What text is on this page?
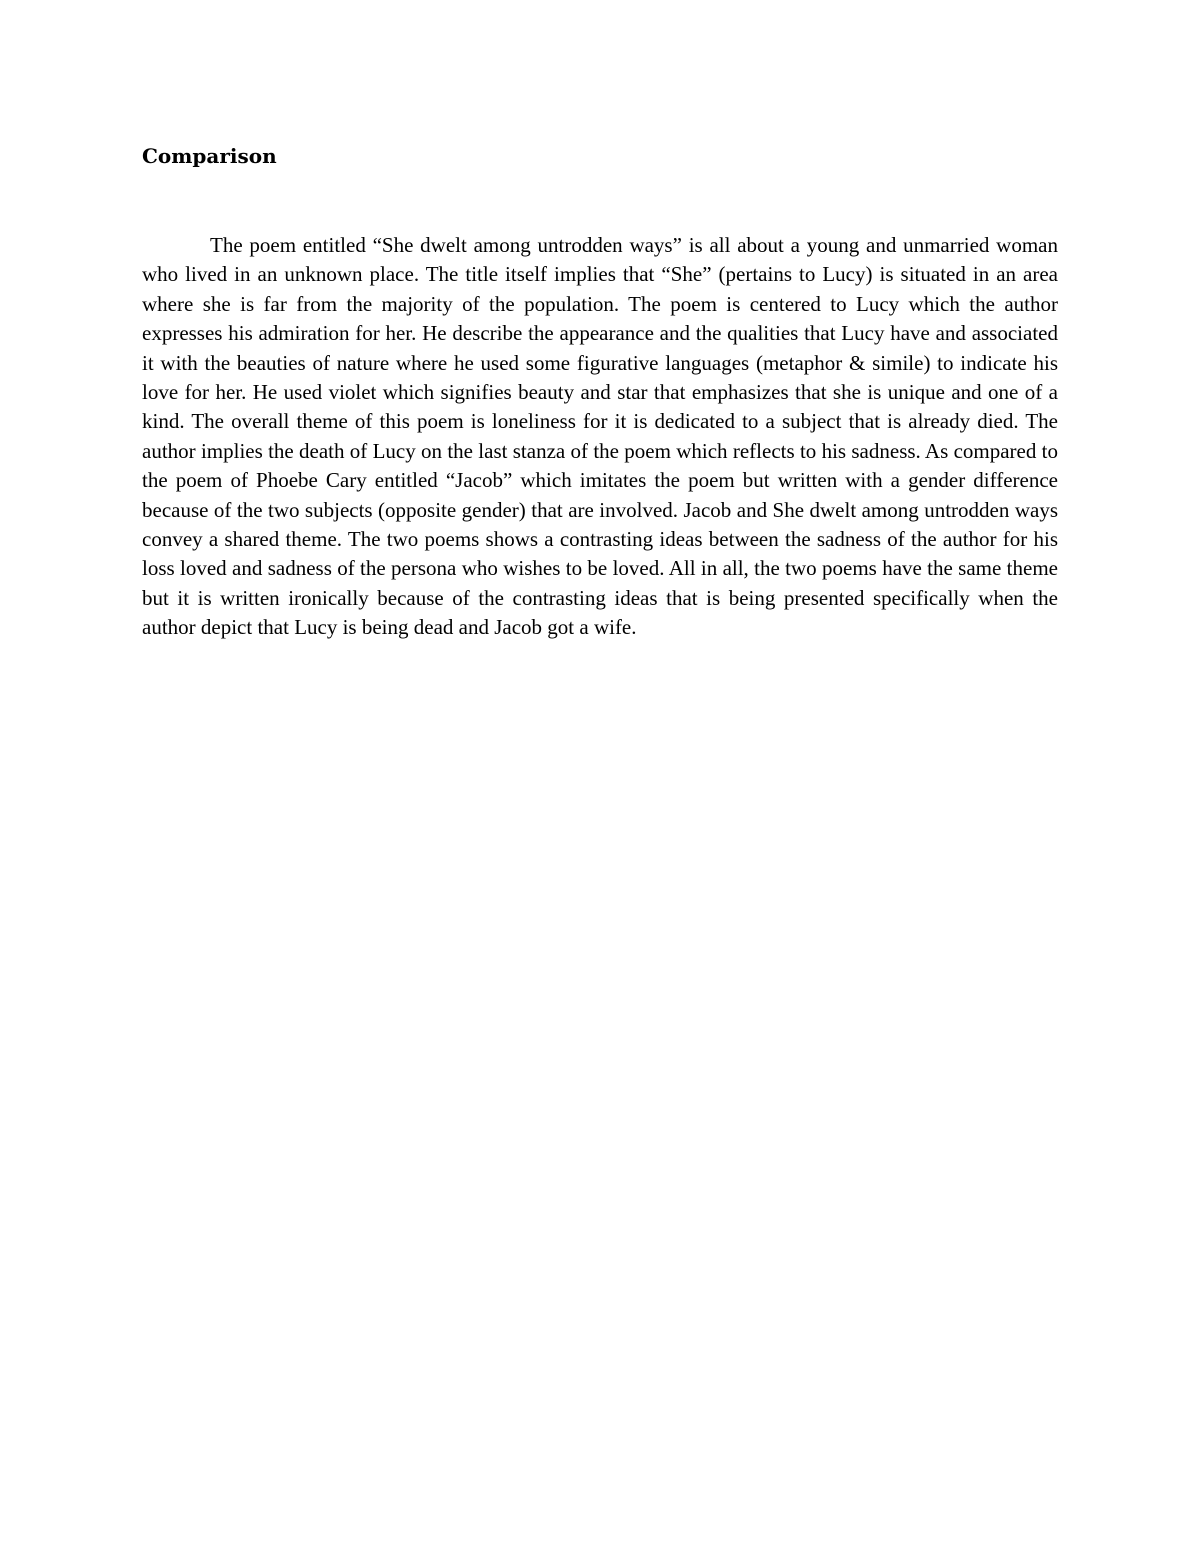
Comparison

The poem entitled “She dwelt among untrodden ways” is all about a young and unmarried woman who lived in an unknown place. The title itself implies that “She” (pertains to Lucy) is situated in an area where she is far from the majority of the population. The poem is centered to Lucy which the author expresses his admiration for her. He describe the appearance and the qualities that Lucy have and associated it with the beauties of nature where he used some figurative languages (metaphor & simile) to indicate his love for her. He used violet which signifies beauty and star that emphasizes that she is unique and one of a kind. The overall theme of this poem is loneliness for it is dedicated to a subject that is already died. The author implies the death of Lucy on the last stanza of the poem which reflects to his sadness. As compared to the poem of Phoebe Cary entitled “Jacob” which imitates the poem but written with a gender difference because of the two subjects (opposite gender) that are involved. Jacob and She dwelt among untrodden ways convey a shared theme. The two poems shows a contrasting ideas between the sadness of the author for his loss loved and sadness of the persona who wishes to be loved. All in all, the two poems have the same theme but it is written ironically because of the contrasting ideas that is being presented specifically when the author depict that Lucy is being dead and Jacob got a wife.
